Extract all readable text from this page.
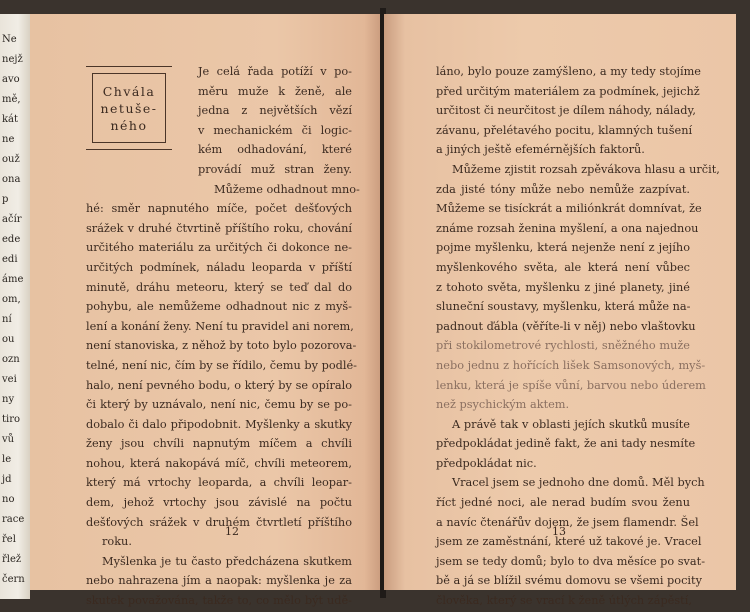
Ne
nejž
avo
mě,
kát
ne
ouž
ona
p
ačír
ede
edi
áme
om,
ní
ou
ozn
vei
ny
tiro
vů
le
jd
no
race
řel
řlež
čern
Chvála
netuše-
ného
Je celá řada potíží v po-
měru muže k ženě, ale
jedna z největších vězí
v mechanickém či logic-
kém odhadování, které
provádí muž stran ženy.
Můžeme odhadnout mno-
hé: směr napnutého míče, počet dešťových
srážek v druhé čtvrtině příštího roku, chování
určitého materiálu za určitých či dokonce ne-
určitých podmínek, náladu leoparda v příští
minutě, dráhu meteoru, který se teď dal do
pohybu, ale nemůžeme odhadnout nic z myš-
lení a konání ženy. Není tu pravidel ani norem,
není stanoviska, z něhož by toto bylo pozorova-
telné, není nic, čím by se řídilo, čemu by podlé-
halo, není pevného bodu, o který by se opíralo
či který by uznávalo, není nic, čemu by se po-
dobalo či dalo připodobnit. Myšlenky a skutky
ženy jsou chvíli napnutým míčem a chvíli
nohou, která nakopává míč, chvíli meteorem,
který má vrtochy leoparda, a chvíli leopar-
dem, jehož vrtochy jsou závislé na počtu
dešťových srážek v druhém čtvrtletí příštího
roku.
Myšlenka je tu často předcházena skutkem
nebo nahrazena jím a naopak: myšlenka je za
skutek považována, takže to, co mělo být udě-
12
láno, bylo pouze zamýšleno, a my tedy stojíme
před určitým materiálem za podmínek, jejichž
určitost či neurčitost je dílem náhody, nálady,
závanu, přelétavého pocitu, klamných tušení
a jiných ještě efemérnějších faktorů.
Můžeme zjistit rozsah zpěvákova hlasu a určit,
zda jisté tóny může nebo nemůže zazpívat.
Můžeme se tisíckrát a miliónkrát domnívat, že
známe rozsah ženina myšlení, a ona najednou
pojme myšlenku, která nejenže není z jejího
myšlenkového světa, ale která není vůbec
z tohoto světa, myšlenku z jiné planety, jiné
sluneční soustavy, myšlenku, která může na-
padnout ďábla (věříte-li v něj) nebo vlaštovku
při stokilometrové rychlosti, sněžného muže
nebo jednu z hořících lišek Samsonových, myš-
lenku, která je spíše vůní, barvou nebo úderem
než psychickým aktem.
A právě tak v oblasti jejích skutků musíte
předpokládat jedině fakt, že ani tady nesmíte
předpokládat nic.
Vracel jsem se jednoho dne domů. Měl bych
říct jedné noci, ale nerad budím svou ženu
a navíc čtenářův dojem, že jsem flamendr. Šel
jsem ze zaměstnání, které už takové je. Vracel
jsem se tedy domů; bylo to dva měsíce po svat-
bě a já se blížil svému domovu se všemi pocity
člověka, který se vrací k ženě útlých zápěstí,
13
